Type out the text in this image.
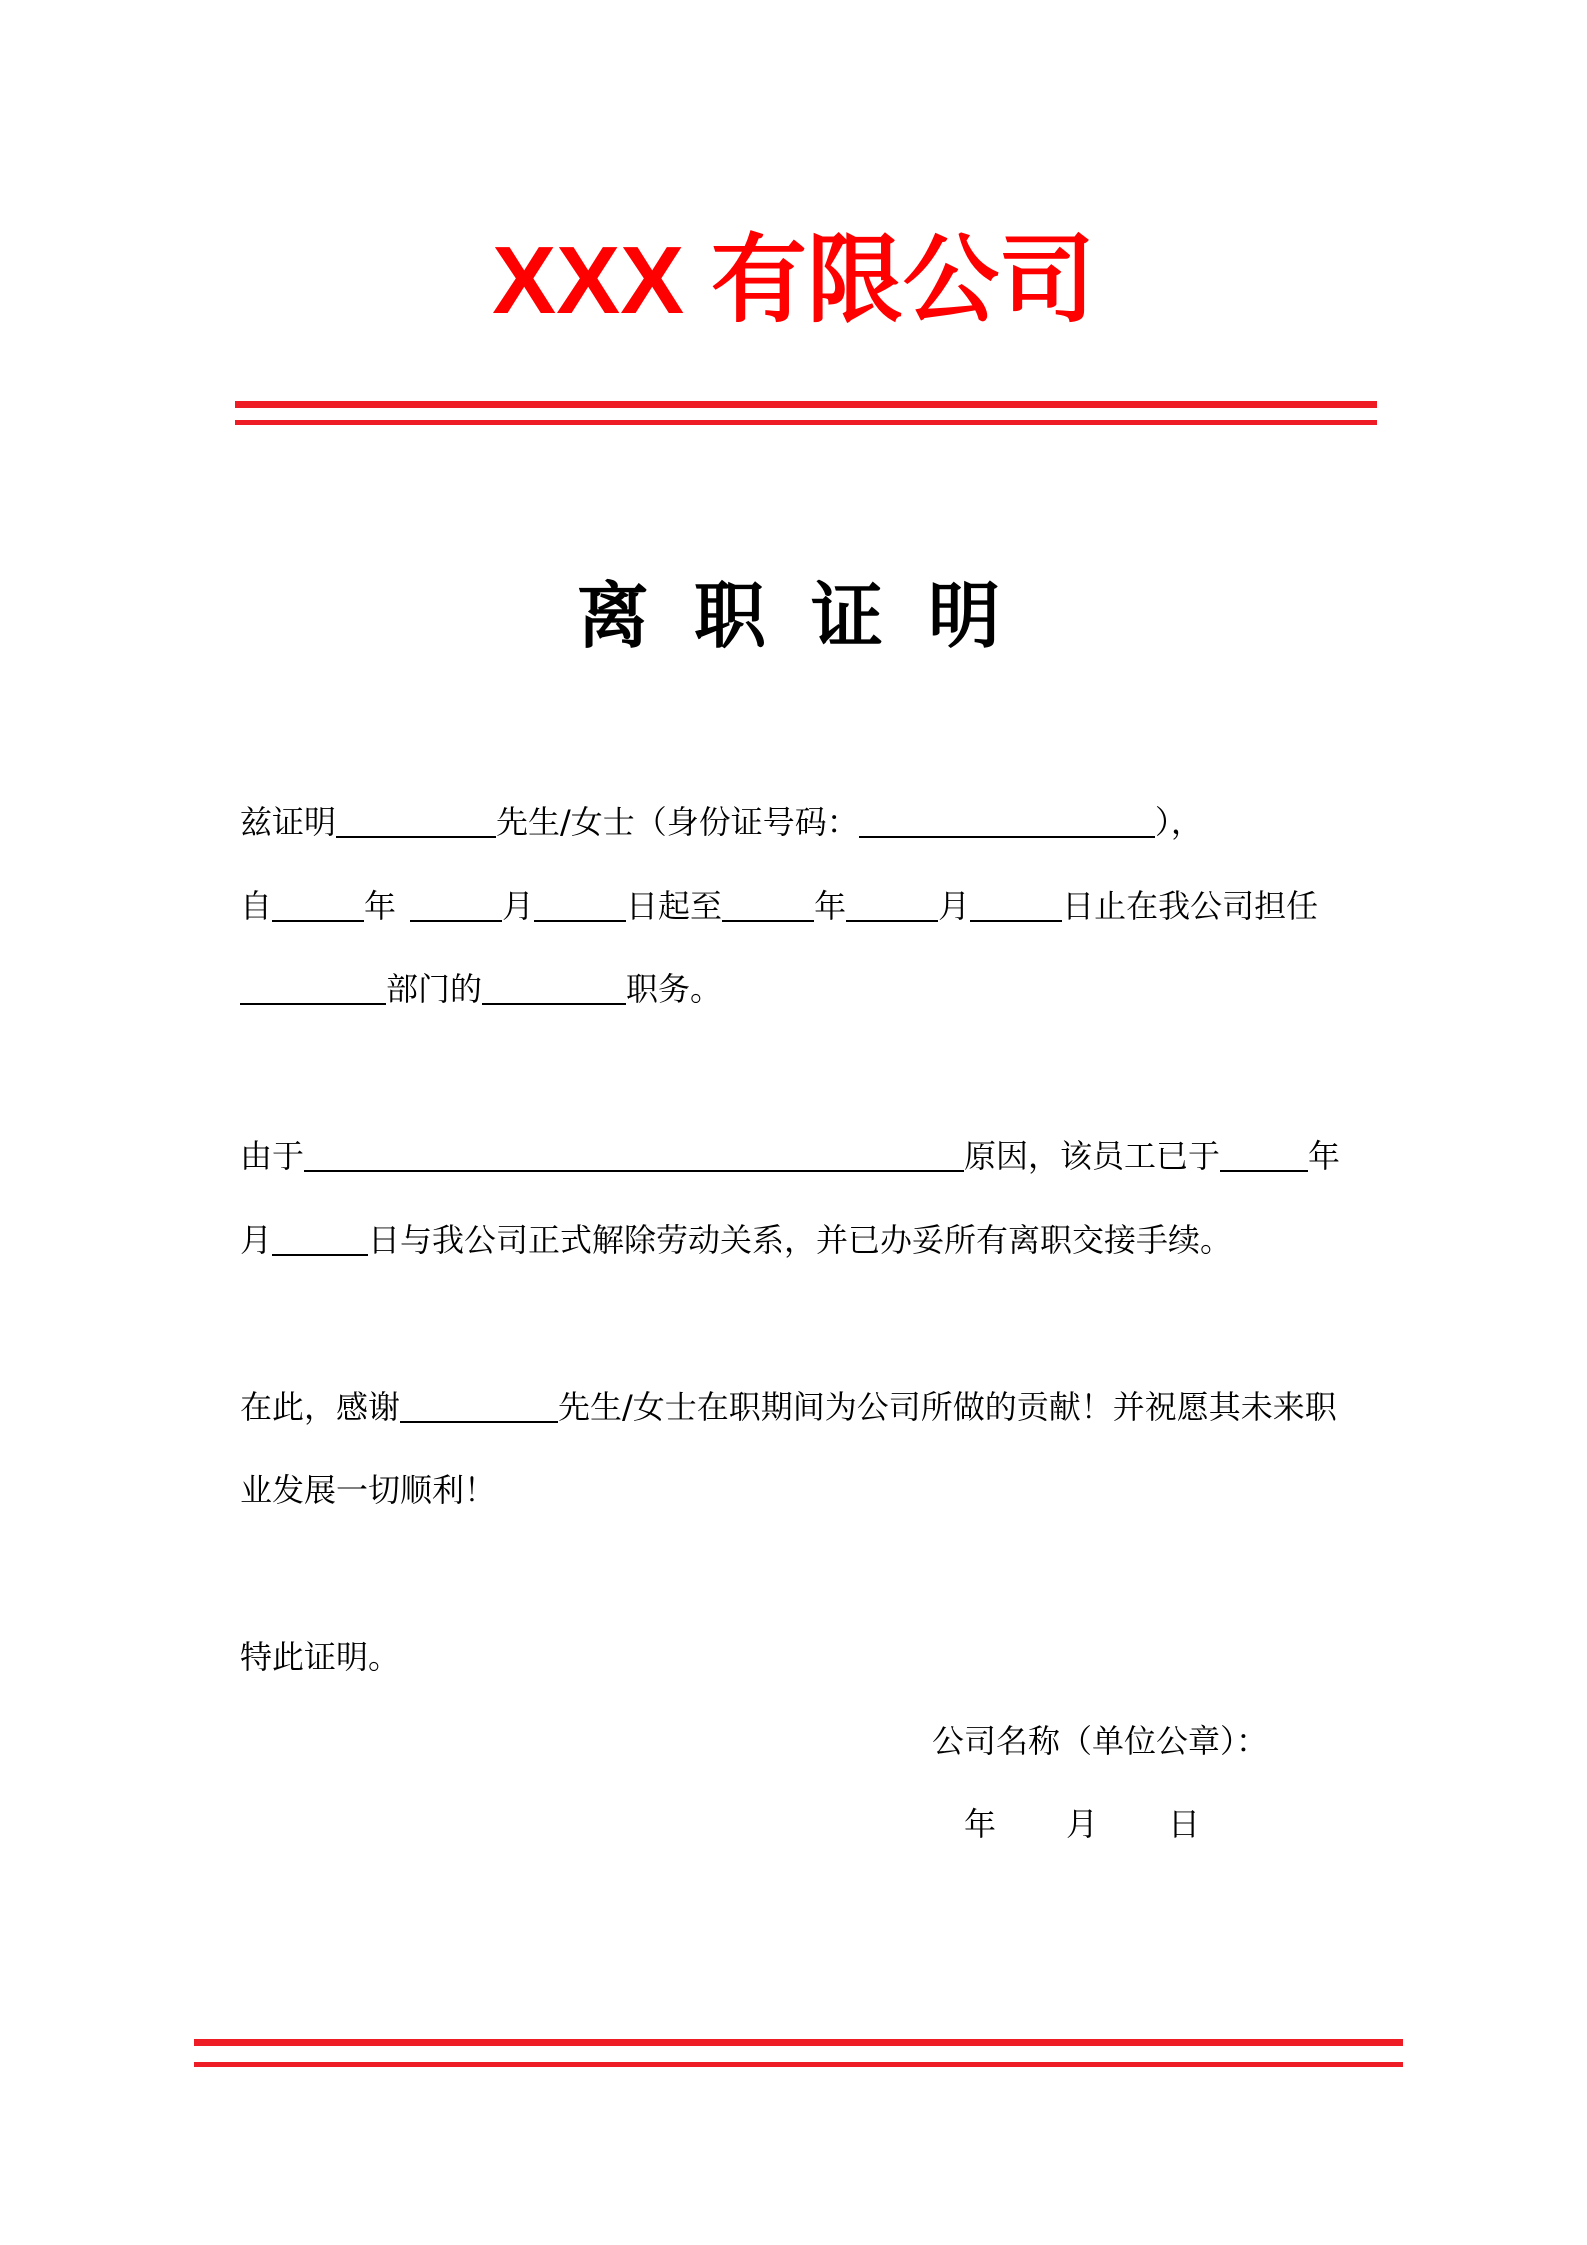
XXX 有限公司
离 职 证 明
兹证明	先生/女士（身份证号码：	），
自	年	月	日起至	年	月	日止在我公司担任
部门的	职务。
由于	原因，该员工已于	年
月	日与我公司正式解除劳动关系，并已办妥所有离职交接手续。
在此，感谢	先生/女士在职期间为公司所做的贡献！并祝愿其未来职
业发展一切顺利！
特此证明。
公司名称（单位公章）：
年 月 日
